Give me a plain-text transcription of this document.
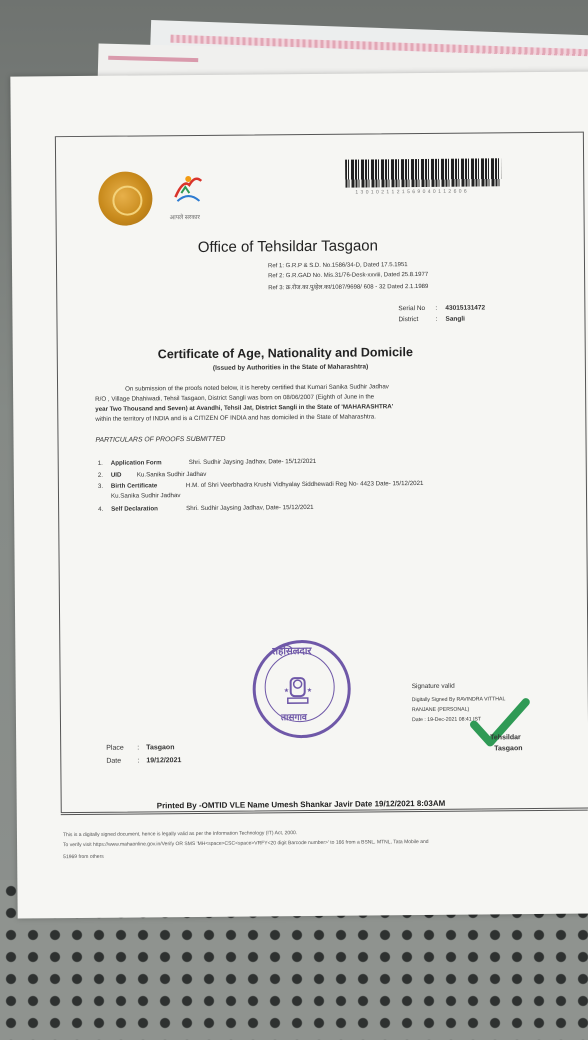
आपले सरकार
1 3 0 1 0 2 1 1 2 1 5 6 9 0 4 0 1 1 2 6 0 6
Office of Tehsildar Tasgaon
Ref 1: G.R.P & S.D. No.1586/34-D, Dated 17.5.1951
Ref 2: G.R.GAD No. Mis.31/76-Desk-xxviii, Dated 25.8.1977
Ref 3: क्र.रोज.का.पु/हेल.का/1087/9698/ 608 - 32 Dated 2.1.1989
Serial No : 43015131472
District	: Sangli
Certificate of Age, Nationality and Domicile
(Issued by Authorities in the State of Maharashtra)
On submission of the proofs noted below, it is hereby certified that Kumari Sanika Sudhir Jadhav
R/O , Village Dhahiwadi, Tehsil Tasgaon, District Sangli was born on 08/06/2007 (Eighth of June in the
year Two Thousand and Seven) at Avandhi, Tehsil Jat, District Sangli in the State of 'MAHARASHTRA'
within the territory of INDIA and is a CITIZEN OF INDIA and has domiciled in the State of Maharashtra.
PARTICULARS OF PROOFS SUBMITTED
1. Application Form	Shri. Sudhir Jaysing Jadhav, Date- 15/12/2021
2. UID Ku.Sanika Sudhir Jadhav
3. Birth Certificate	H.M. of Shri Veerbhadra Krushi Vidhyalay Siddhewadi Reg No- 4423 Date- 15/12/2021
Ku.Sanika Sudhir Jadhav
4. Self Declaration	Shri. Sudhir Jaysing Jadhav, Date- 15/12/2021
तहसिलदार
★	★
तासगाव
Signature valid
Digitally Signed By RAVINDRA VITTHAL
RANJANE (PERSONAL)
Date : 19-Dec-2021 08:41 IST
Tehsildar
Tasgaon
Place : Tasgaon
Date : 19/12/2021
Printed By -OMTID VLE Name Umesh Shankar Javir Date 19/12/2021 8:03AM
This is a digitally signed document, hence is legally valid as per the Information Technology (IT) Act, 2000.
To verify visit https://www.mahaonline.gov.in/Verify OR SMS 'MH<space>CSC<space>VRFY<20 digit Barcode number>' to 166 from a BSNL, MTNL, Tata Mobile and
51969 from others
